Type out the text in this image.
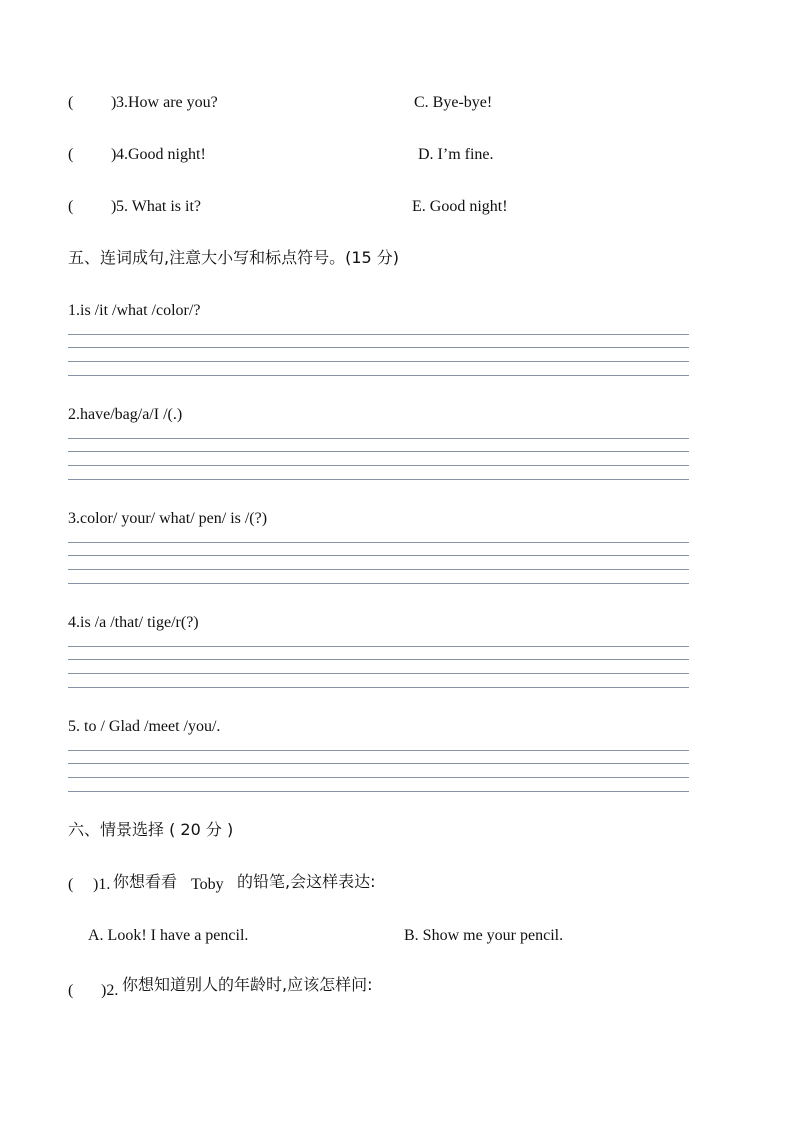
( ) 3.How are you?	C. Bye-bye!
( ) 4.Good night!	D. I’m fine.
( ) 5. What is it?	E. Good night!
五、连词成句,注意大小写和标点符号。(15 分)
1.is /it /what /color/?
2.have/bag/a/I /(.)
3.color/ your/ what/ pen/ is /(?)
4.is /a /that/ tige/r(?)
5. to / Glad /meet /you/.
六、情景选择 ( 20 分 )
( )1. 你想看看 Toby 的铅笔,会这样表达:
A. Look! I have a pencil.	B. Show me your pencil.
( )2. 你想知道别人的年龄时,应该怎样问:
